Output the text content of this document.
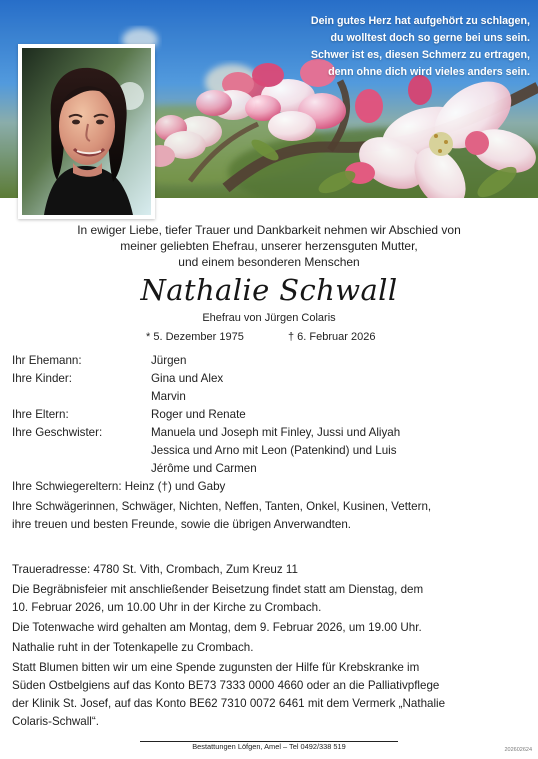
Dein gutes Herz hat aufgehört zu schlagen,
du wolltest doch so gerne bei uns sein.
Schwer ist es, diesen Schmerz zu ertragen,
denn ohne dich wird vieles anders sein.
In ewiger Liebe, tiefer Trauer und Dankbarkeit nehmen wir Abschied von
meiner geliebten Ehefrau, unserer herzensguten Mutter,
und einem besonderen Menschen
Nathalie Schwall
Ehefrau von Jürgen Colaris
* 5. Dezember 1975	† 6. Februar 2026
Ihr Ehemann:	Jürgen
Ihre Kinder:	Gina und Alex
Marvin
Ihre Eltern:	Roger und Renate
Ihre Geschwister:	Manuela und Joseph mit Finley, Jussi und Aliyah
Jessica und Arno mit Leon (Patenkind) und Luis
Jérôme und Carmen
Ihre Schwiegereltern: Heinz (†) und Gaby
Ihre Schwägerinnen, Schwäger, Nichten, Neffen, Tanten, Onkel, Kusinen, Vettern,
ihre treuen und besten Freunde, sowie die übrigen Anverwandten.
Traueradresse: 4780 St. Vith, Crombach, Zum Kreuz 11
Die Begräbnisfeier mit anschließender Beisetzung findet statt am Dienstag, dem
10. Februar 2026, um 10.00 Uhr in der Kirche zu Crombach.
Die Totenwache wird gehalten am Montag, dem 9. Februar 2026, um 19.00 Uhr.
Nathalie ruht in der Totenkapelle zu Crombach.
Statt Blumen bitten wir um eine Spende zugunsten der Hilfe für Krebskranke im
Süden Ostbelgiens auf das Konto BE73 7333 0000 4660 oder an die Palliativpflege
der Klinik St. Josef, auf das Konto BE62 7310 0072 6461 mit dem Vermerk „Nathalie
Colaris-Schwall“.
Bestattungen Löfgen, Amel – Tel 0492/338 519	202602624
